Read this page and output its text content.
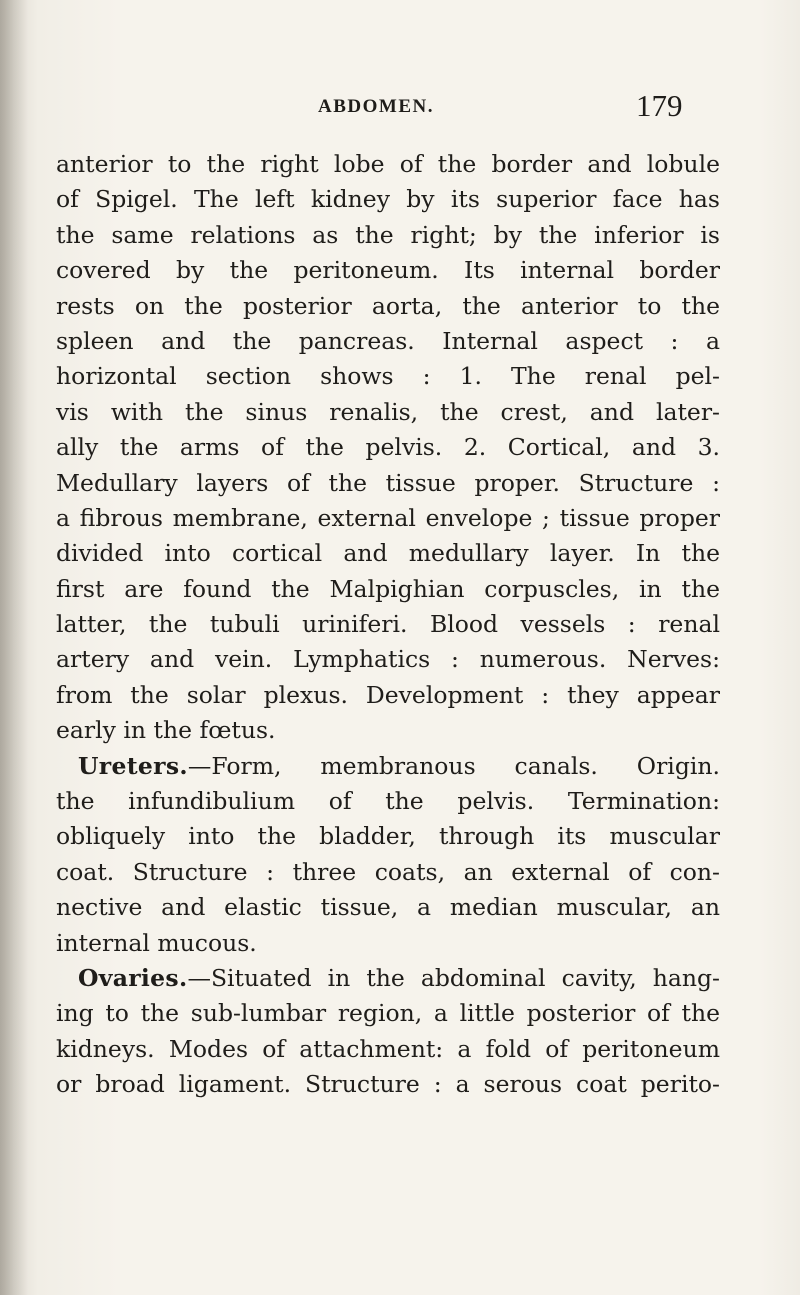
ABDOMEN.	179
anterior to the right lobe of the border and lobule
of Spigel. The left kidney by its superior face has
the same relations as the right; by the inferior is
covered by the peritoneum. Its internal border
rests on the posterior aorta, the anterior to the
spleen and the pancreas. Internal aspect : a
horizontal section shows : 1. The renal pel-
vis with the sinus renalis, the crest, and later-
ally the arms of the pelvis. 2. Cortical, and 3.
Medullary layers of the tissue proper. Structure :
a fibrous membrane, external envelope ; tissue proper
divided into cortical and medullary layer. In the
first are found the Malpighian corpuscles, in the
latter, the tubuli uriniferi. Blood vessels : renal
artery and vein. Lymphatics : numerous. Nerves:
from the solar plexus. Development : they appear
early in the fœtus.
Ureters.—Form, membranous canals. Origin.
the infundibulium of the pelvis. Termination:
obliquely into the bladder, through its muscular
coat. Structure : three coats, an external of con-
nective and elastic tissue, a median muscular, an
internal mucous.
Ovaries.—Situated in the abdominal cavity, hang-
ing to the sub-lumbar region, a little posterior of the
kidneys. Modes of attachment: a fold of peritoneum
or broad ligament. Structure : a serous coat perito-
